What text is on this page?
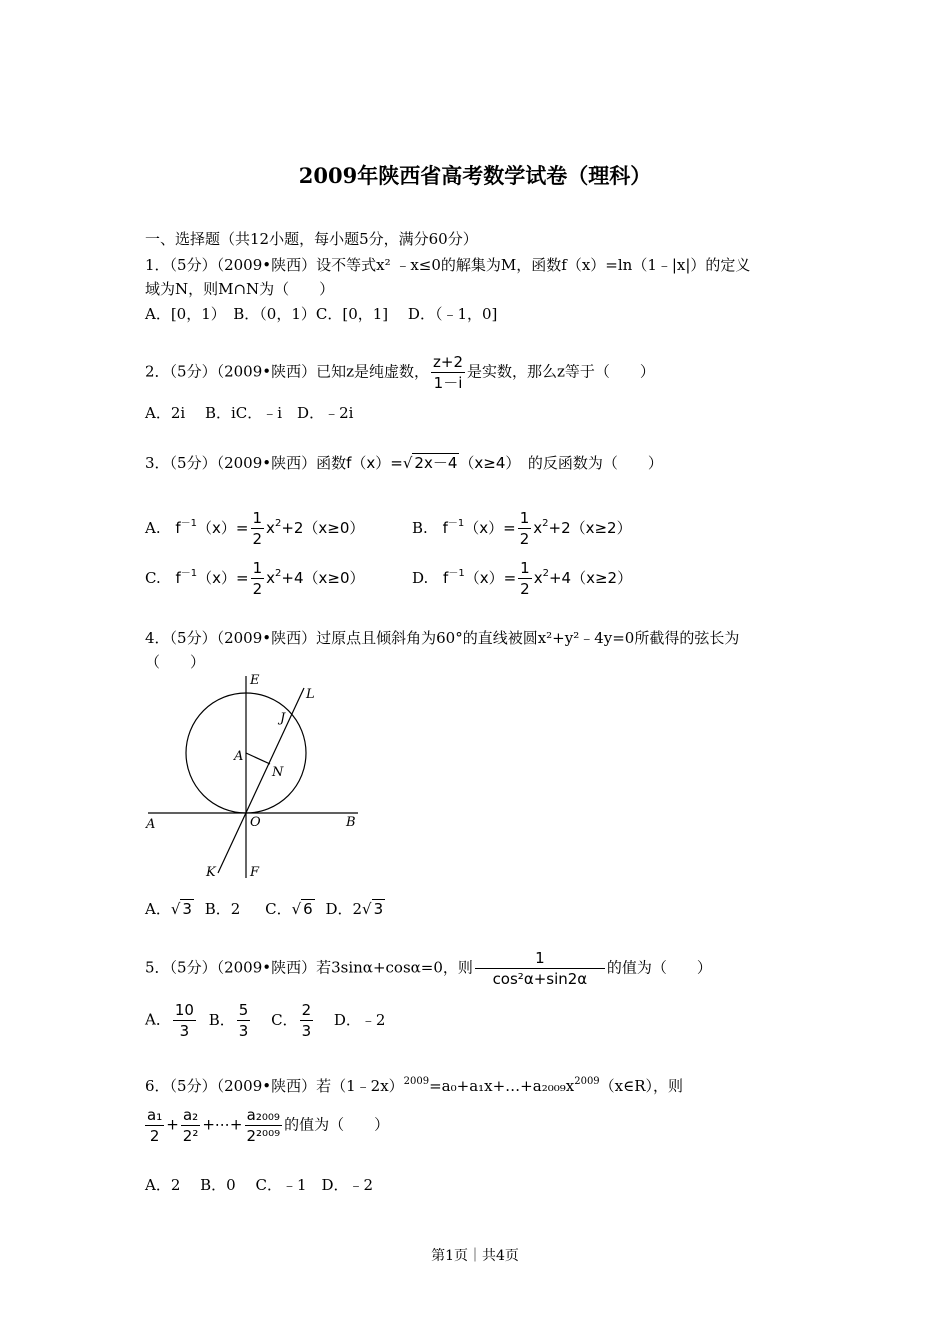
2009年陕西省高考数学试卷（理科）
一、选择题（共12小题，每小题5分，满分60分）
1．（5分）（2009•陕西）设不等式x² ﹣x≤0的解集为M，函数f（x）=ln（1﹣|x|）的定义
域为N，则M∩N为（　　）
A．[0，1）　B．（0，1）C．[0，1]　 D．（﹣1，0]
2．（5分）（2009•陕西）已知z是纯虚数， $\frac{z+2}{1-i}$ 是实数，那么z等于（　　）
A．2i　 B．iC．﹣i　D．﹣2i
3．（5分）（2009•陕西）函数f（x）=√ 2x－4 （x≥4）　 的反函数为（　　）
A. $f^{-1}(x)= \frac{1}{2} x^2+2(x\ge 0)$	B. $f^{-1}(x)= \frac{1}{2} x^2+2(x\ge 2)$
C. $f^{-1}(x)= \frac{1}{2} x^2+4(x\ge 0)$	D. $f^{-1}(x)= \frac{1}{2} x^2+4(x\ge 2)$
4．（5分）（2009•陕西）过原点且倾斜角为60°的直线被圆x²+y²﹣4y=0所截得的弦长为
（　　）
E
L
J
A
N
A	O	B
K	F
A．√ 3 B．2 C．√ 6 D．2√ 3
5．（5分）（2009•陕西）若3sinα+cosα=0，则 $\frac{1}{\text{cos²α+sin2α}}$ 的值为（　　）
A． $\frac{10}{3}$ B． $\frac{5}{3}$ C． $\frac{2}{3}$ D．﹣2
6．（5分）（2009•陕西）若$(1﹣2x)^{2009}=a_0+a_1x+\dots+a_{2009}x^{2009}(x\in R)$，则
$\frac{\text{a₁}}{2} + \frac{\text{a₂}}{\text{2²}}$ +⋯+ $\frac{\text{a₂₀₀₉}}{\text{2²⁰⁰⁹}}$ 的值为（　　）
A．2　 B．0　 C．﹣1　D．﹣2
第1页｜共4页
